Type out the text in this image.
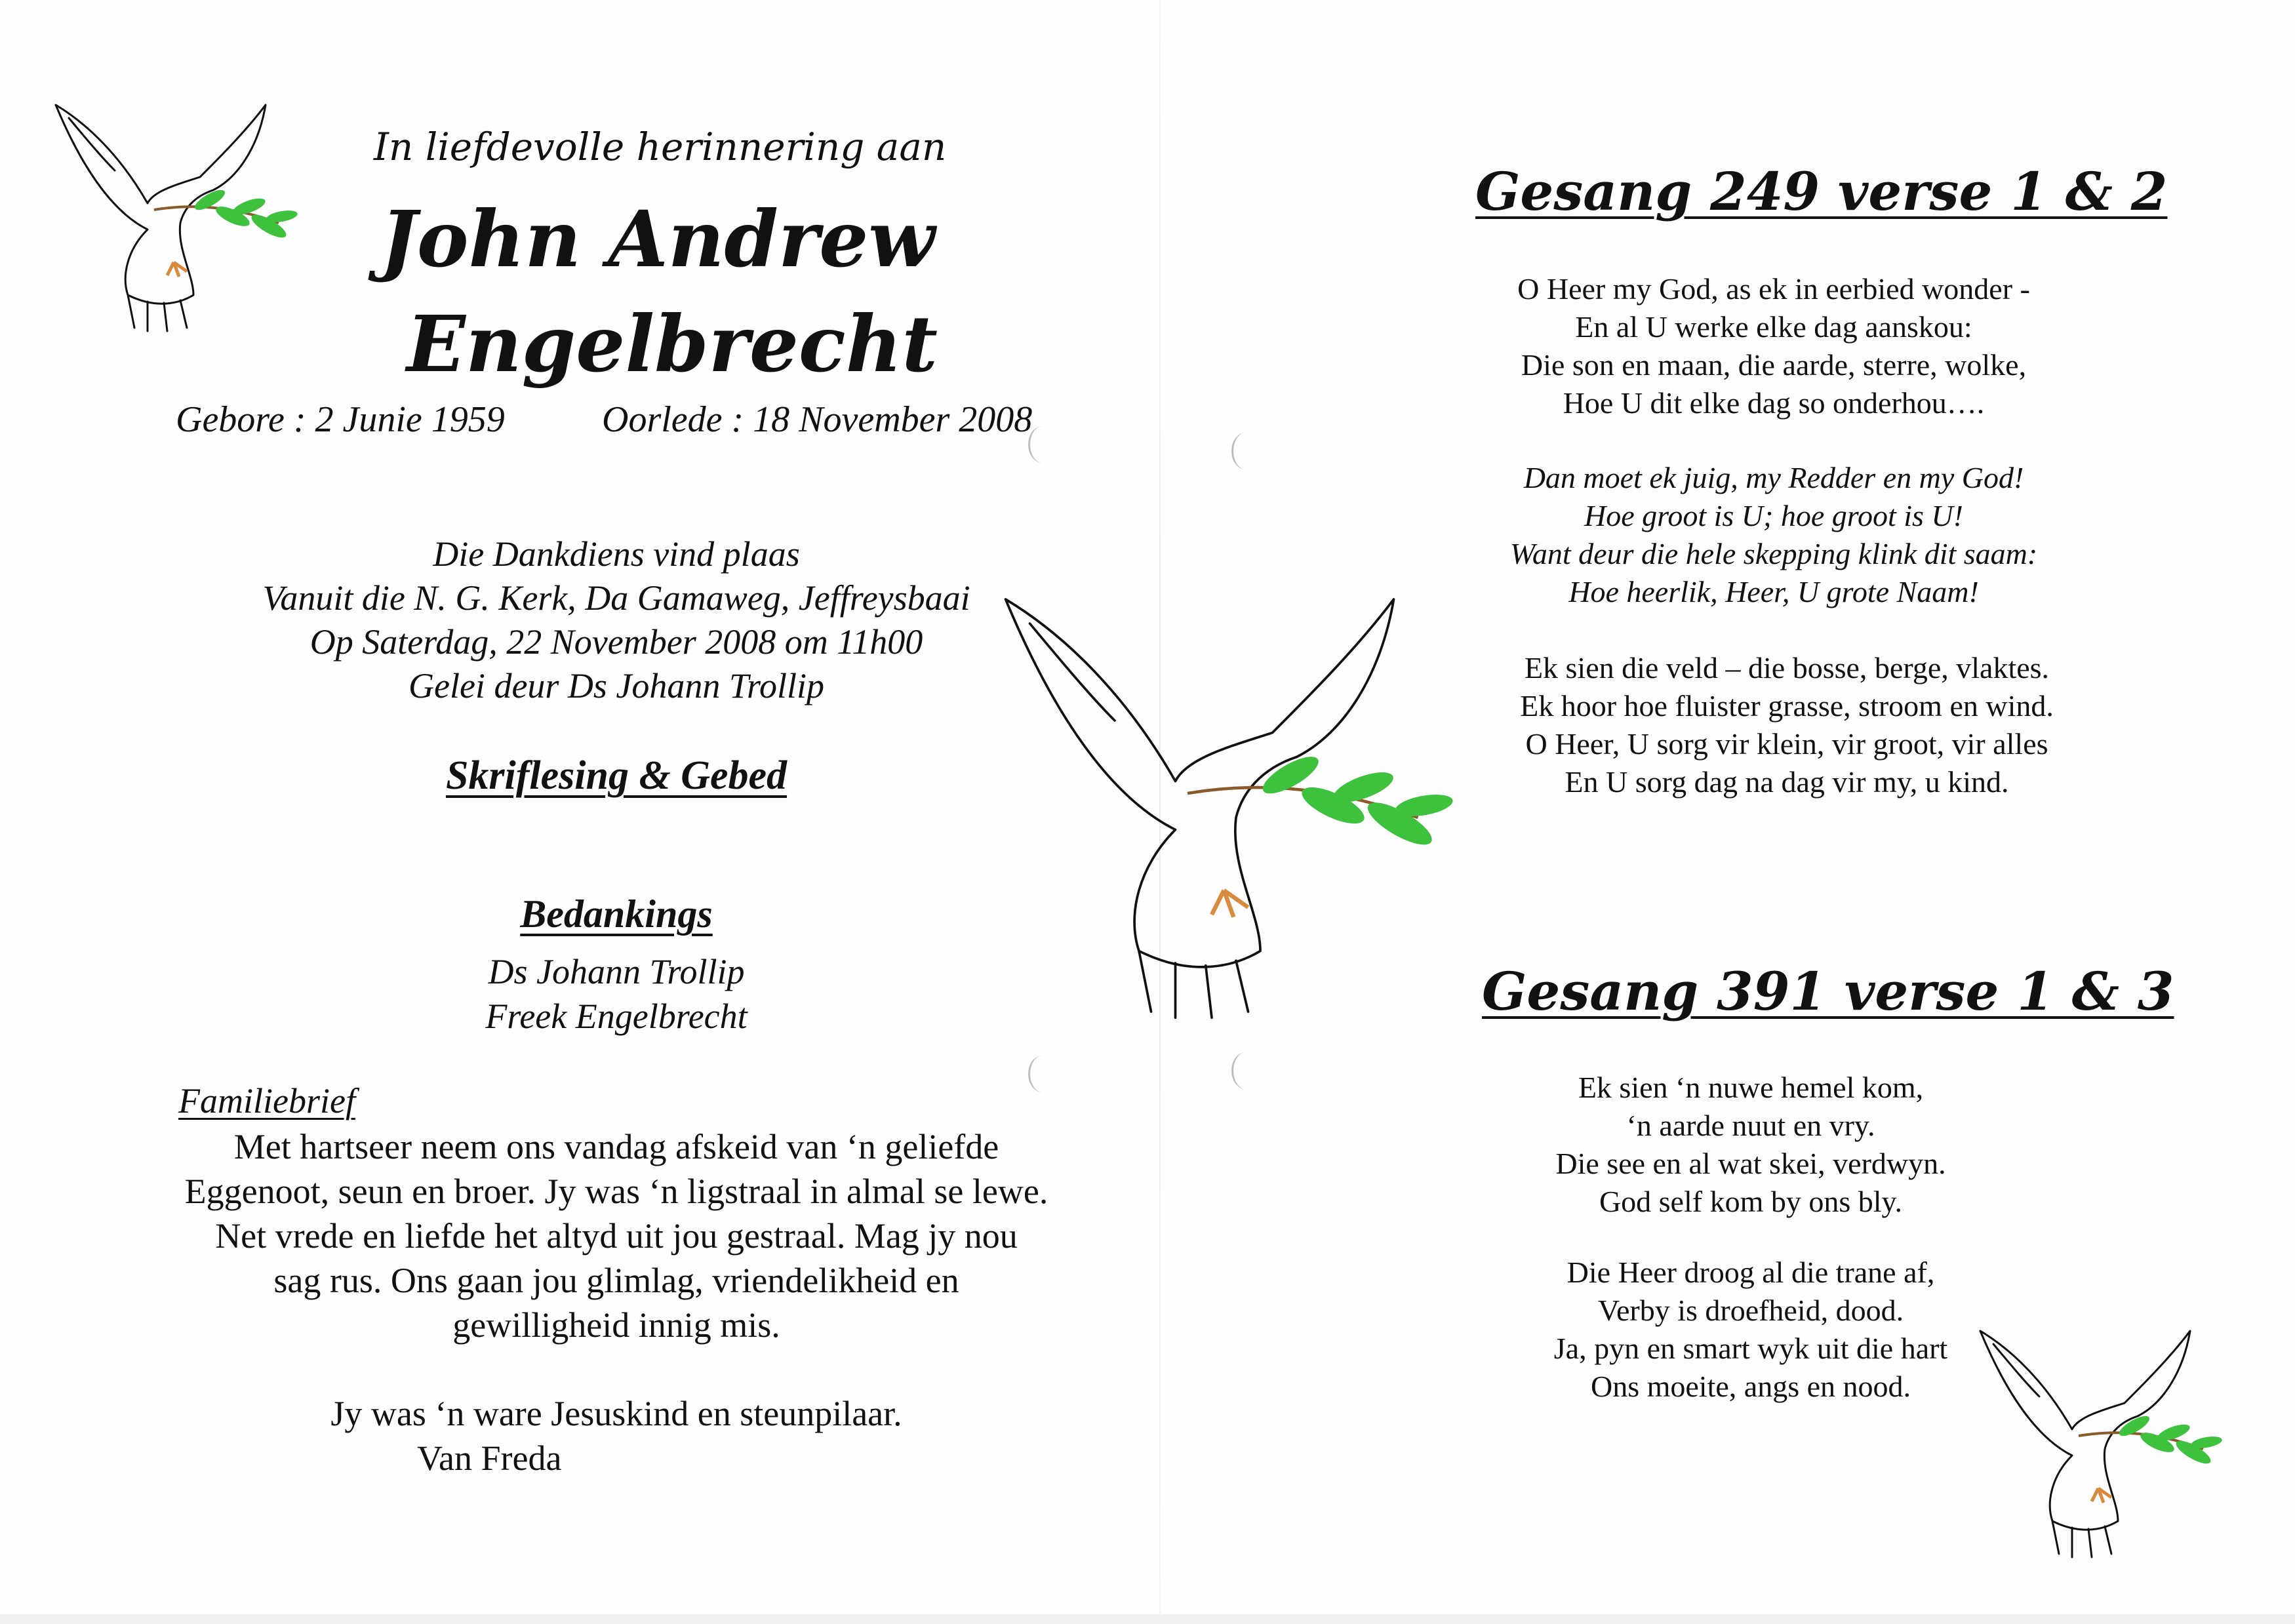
In liefdevolle herinnering aan
John Andrew
Engelbrecht
Gebore : 2 Junie 1959	Oorlede : 18 November 2008
Die Dankdiens vind plaas
Vanuit die N. G. Kerk, Da Gamaweg, Jeffreysbaai
Op Saterdag, 22 November 2008 om 11h00
Gelei deur Ds Johann Trollip
Skriflesing & Gebed
Bedankings
Ds Johann Trollip
Freek Engelbrecht
Familiebrief
Met hartseer neem ons vandag afskeid van ‘n geliefde
Eggenoot, seun en broer. Jy was ‘n ligstraal in almal se lewe.
Net vrede en liefde het altyd uit jou gestraal. Mag jy nou
sag rus. Ons gaan jou glimlag, vriendelikheid en
gewilligheid innig mis.
Jy was ‘n ware Jesuskind en steunpilaar.
Van Freda
Gesang 249 verse 1 & 2
O Heer my God, as ek in eerbied wonder -
En al U werke elke dag aanskou:
Die son en maan, die aarde, sterre, wolke,
Hoe U dit elke dag so onderhou….
Dan moet ek juig, my Redder en my God!
Hoe groot is U; hoe groot is U!
Want deur die hele skepping klink dit saam:
Hoe heerlik, Heer, U grote Naam!
Ek sien die veld – die bosse, berge, vlaktes.
Ek hoor hoe fluister grasse, stroom en wind.
O Heer, U sorg vir klein, vir groot, vir alles
En U sorg dag na dag vir my, u kind.
Gesang 391 verse 1 & 3
Ek sien ‘n nuwe hemel kom,
‘n aarde nuut en vry.
Die see en al wat skei, verdwyn.
God self kom by ons bly.
Die Heer droog al die trane af,
Verby is droefheid, dood.
Ja, pyn en smart wyk uit die hart
Ons moeite, angs en nood.
